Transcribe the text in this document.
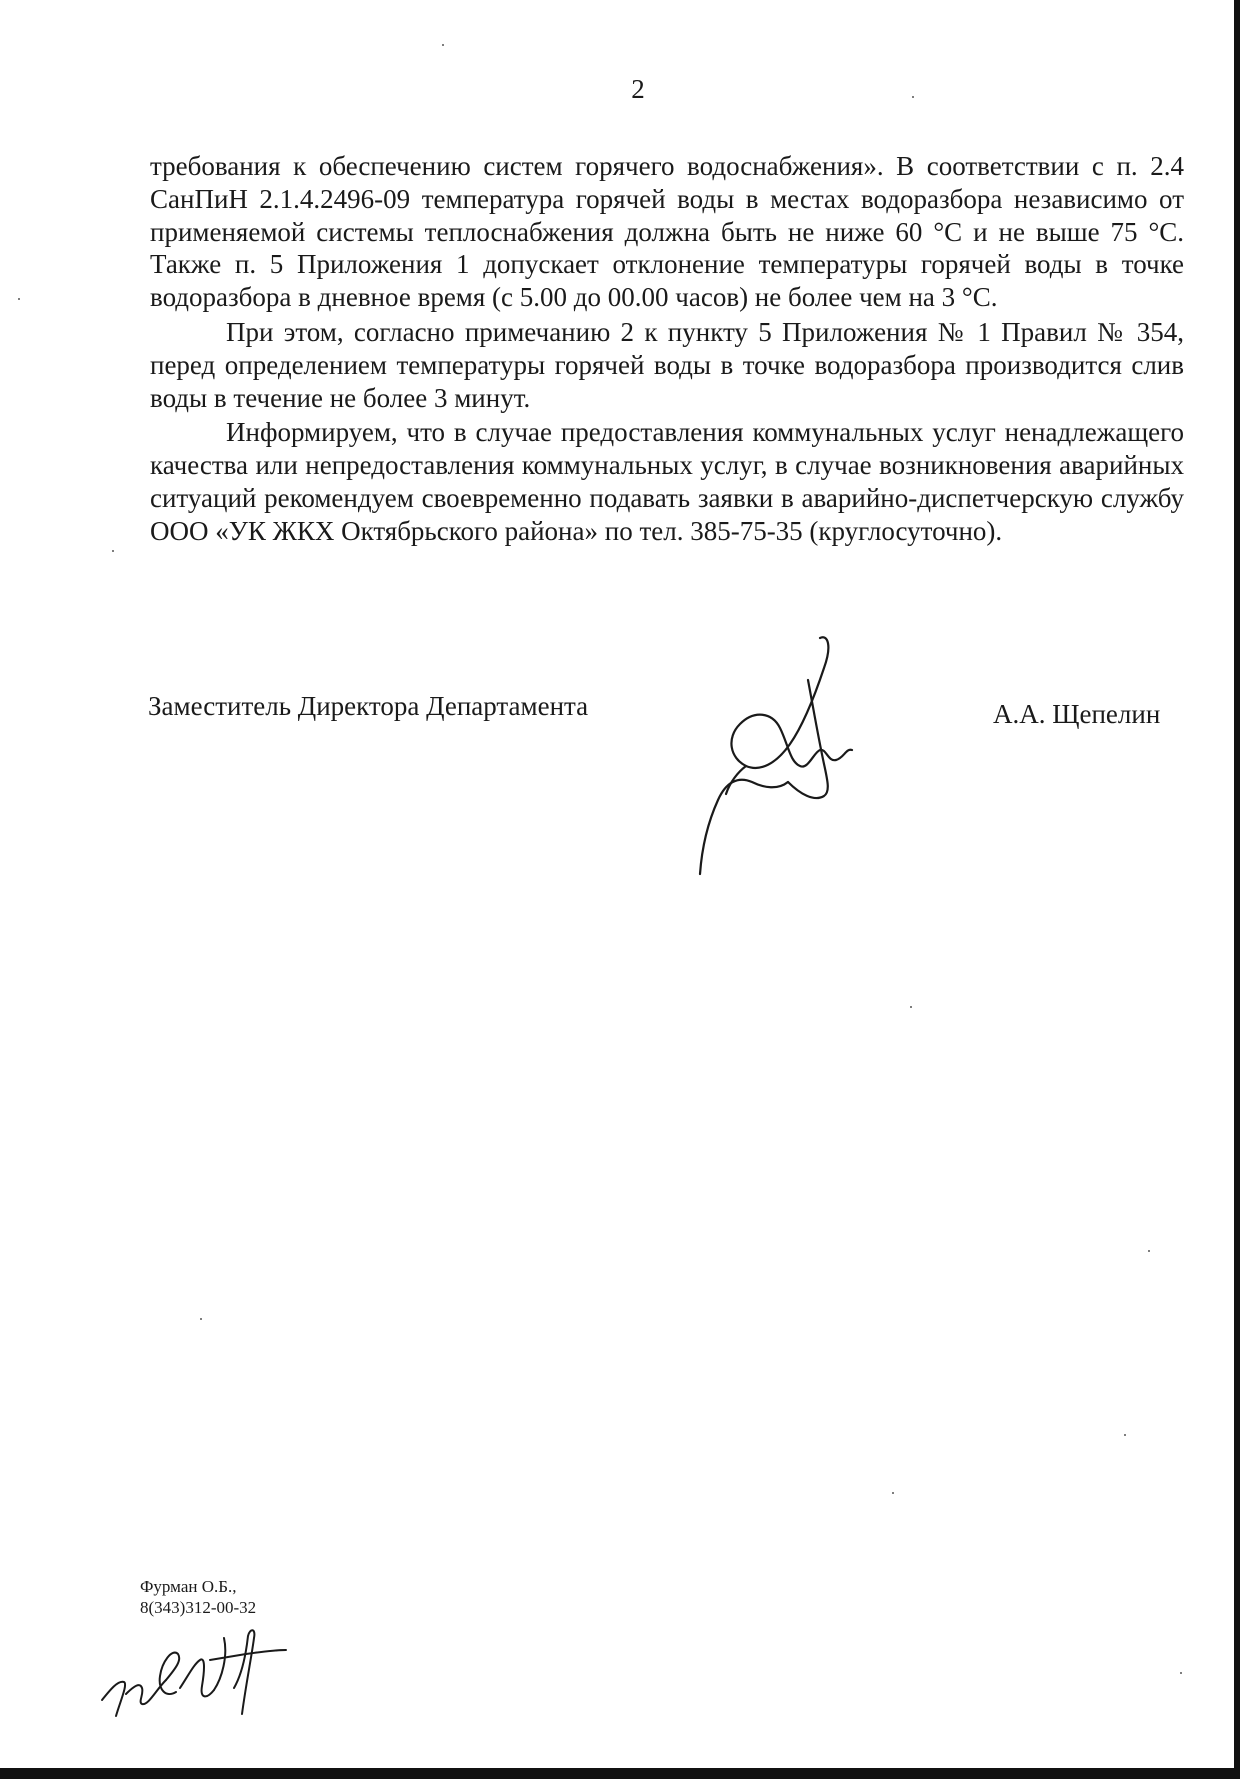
2

требования к обеспечению систем горячего водоснабжения». В соответствии с п. 2.4 СанПиН 2.1.4.2496-09 температура горячей воды в местах водоразбора независимо от применяемой системы теплоснабжения должна быть не ниже 60 °С и не выше 75 °С. Также п. 5 Приложения 1 допускает отклонение температуры горячей воды в точке водоразбора в дневное время (с 5.00 до 00.00 часов) не более чем на 3 °С.

При этом, согласно примечанию 2 к пункту 5 Приложения № 1 Правил № 354, перед определением температуры горячей воды в точке водоразбора производится слив воды в течение не более 3 минут.

Информируем, что в случае предоставления коммунальных услуг ненадлежащего качества или непредоставления коммунальных услуг, в случае возникновения аварийных ситуаций рекомендуем своевременно подавать заявки в аварийно-диспетчерскую службу ООО «УК ЖКХ Октябрьского района» по тел. 385-75-35 (круглосуточно).

Заместитель Директора Департамента	А.А. Щепелин
Фурман О.Б.,
8(343)312-00-32
